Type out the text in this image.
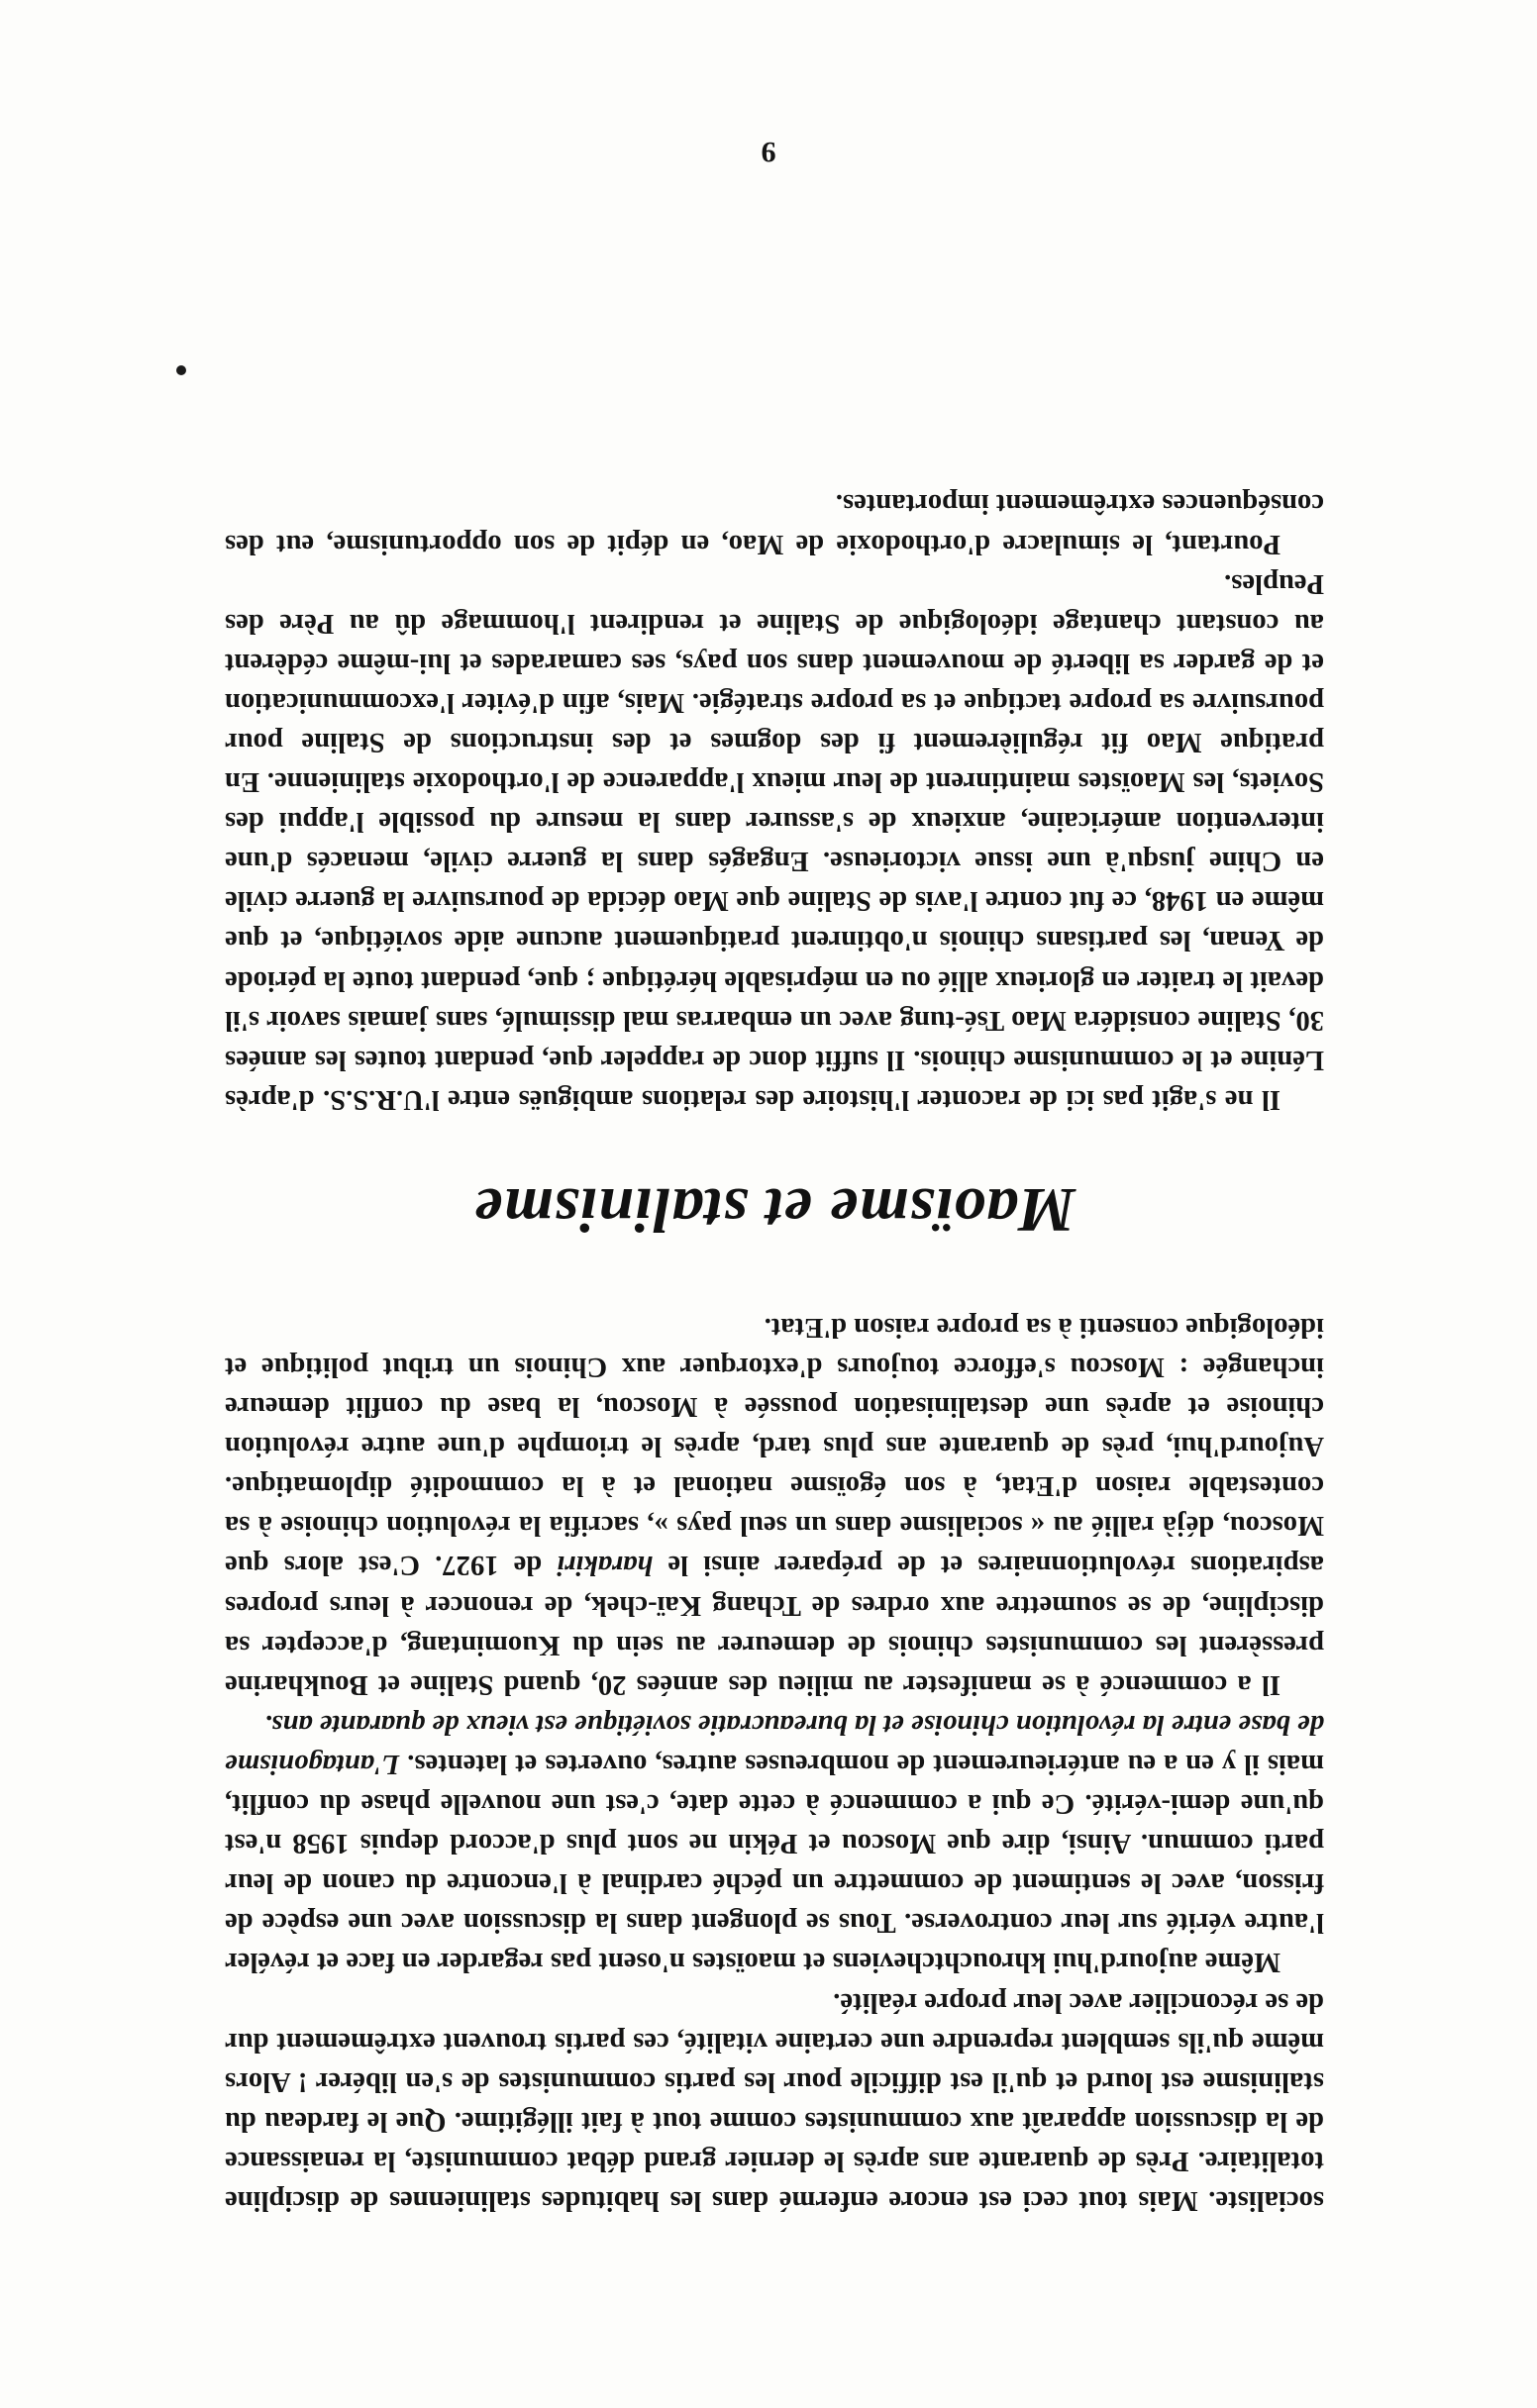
socialiste. Mais tout ceci est encore enfermé dans les habitudes staliniennes de discipline totalitaire. Près de quarante ans après le dernier grand débat communiste, la renaissance de la discussion apparaît aux communistes comme tout à fait illégitime. Que le fardeau du stalinisme est lourd et qu'il est difficile pour les partis communistes de s'en libérer ! Alors même qu'ils semblent reprendre une certaine vitalité, ces partis trouvent extrêmement dur de se réconcilier avec leur propre réalité.

Même aujourd'hui khrouchtcheviens et maoïstes n'osent pas regarder en face et révéler l'autre vérité sur leur controverse. Tous se plongent dans la discussion avec une espèce de frisson, avec le sentiment de commettre un péché cardinal à l'encontre du canon de leur parti commun. Ainsi, dire que Moscou et Pékin ne sont plus d'accord depuis 1958 n'est qu'une demi-vérité. Ce qui a commencé à cette date, c'est une nouvelle phase du conflit, mais il y en a eu antérieurement de nombreuses autres, ouvertes et latentes. L'antagonisme de base entre la révolution chinoise et la bureaucratie soviétique est vieux de quarante ans.

Il a commencé à se manifester au milieu des années 20, quand Staline et Boukharine pressèrent les communistes chinois de demeurer au sein du Kuomintang, d'accepter sa discipline, de se soumettre aux ordres de Tchang Kaï-chek, de renoncer à leurs propres aspirations révolutionnaires et de préparer ainsi le harakiri de 1927. C'est alors que Moscou, déjà rallié au « socialisme dans un seul pays », sacrifia la révolution chinoise à sa contestable raison d'Etat, à son égoïsme national et à la commodité diplomatique. Aujourd'hui, près de quarante ans plus tard, après le triomphe d'une autre révolution chinoise et après une destalinisation poussée à Moscou, la base du conflit demeure inchangée : Moscou s'efforce toujours d'extorquer aux Chinois un tribut politique et idéologique consenti à sa propre raison d'Etat.

Maoïsme et stalinisme

Il ne s'agit pas ici de raconter l'histoire des relations ambiguës entre l'U.R.S.S. d'après Lénine et le communisme chinois. Il suffit donc de rappeler que, pendant toutes les années 30, Staline considéra Mao Tsé-tung avec un embarras mal dissimulé, sans jamais savoir s'il devait le traiter en glorieux allié ou en méprisable hérétique ; que, pendant toute la période de Yenan, les partisans chinois n'obtinrent pratiquement aucune aide soviétique, et que même en 1948, ce fut contre l'avis de Staline que Mao décida de poursuivre la guerre civile en Chine jusqu'à une issue victorieuse. Engagés dans la guerre civile, menacés d'une intervention américaine, anxieux de s'assurer dans la mesure du possible l'appui des Soviets, les Maoïstes maintinrent de leur mieux l'apparence de l'orthodoxie stalinienne. En pratique Mao fit régulièrement fi des dogmes et des instructions de Staline pour poursuivre sa propre tactique et sa propre stratégie. Mais, afin d'éviter l'excommunication et de garder sa liberté de mouvement dans son pays, ses camarades et lui-même cédèrent au constant chantage idéologique de Staline et rendirent l'hommage dû au Père des Peuples.

Pourtant, le simulacre d'orthodoxie de Mao, en dépit de son opportunisme, eut des conséquences extrêmement importantes.

9
